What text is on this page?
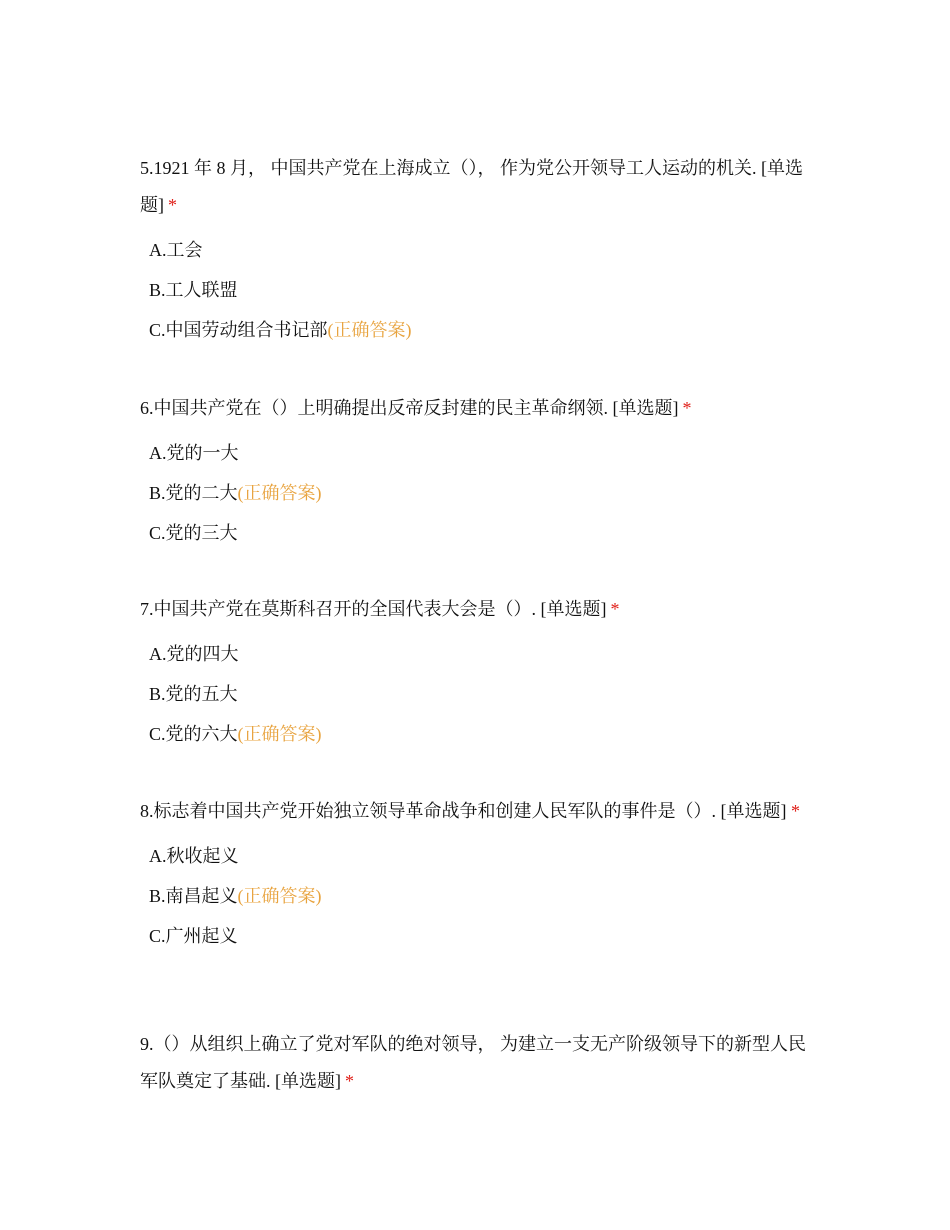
5.1921 年 8 月， 中国共产党在上海成立（）， 作为党公开领导工人运动的机关. [单选题] *

A.工会
B.工人联盟
C.中国劳动组合书记部(正确答案)

6.中国共产党在（）上明确提出反帝反封建的民主革命纲领. [单选题] *

A.党的一大
B.党的二大(正确答案)
C.党的三大

7.中国共产党在莫斯科召开的全国代表大会是（）. [单选题] *

A.党的四大
B.党的五大
C.党的六大(正确答案)

8.标志着中国共产党开始独立领导革命战争和创建人民军队的事件是（）. [单选题] *

A.秋收起义
B.南昌起义(正确答案)
C.广州起义

9.（）从组织上确立了党对军队的绝对领导， 为建立一支无产阶级领导下的新型人民军队奠定了基础. [单选题] *
